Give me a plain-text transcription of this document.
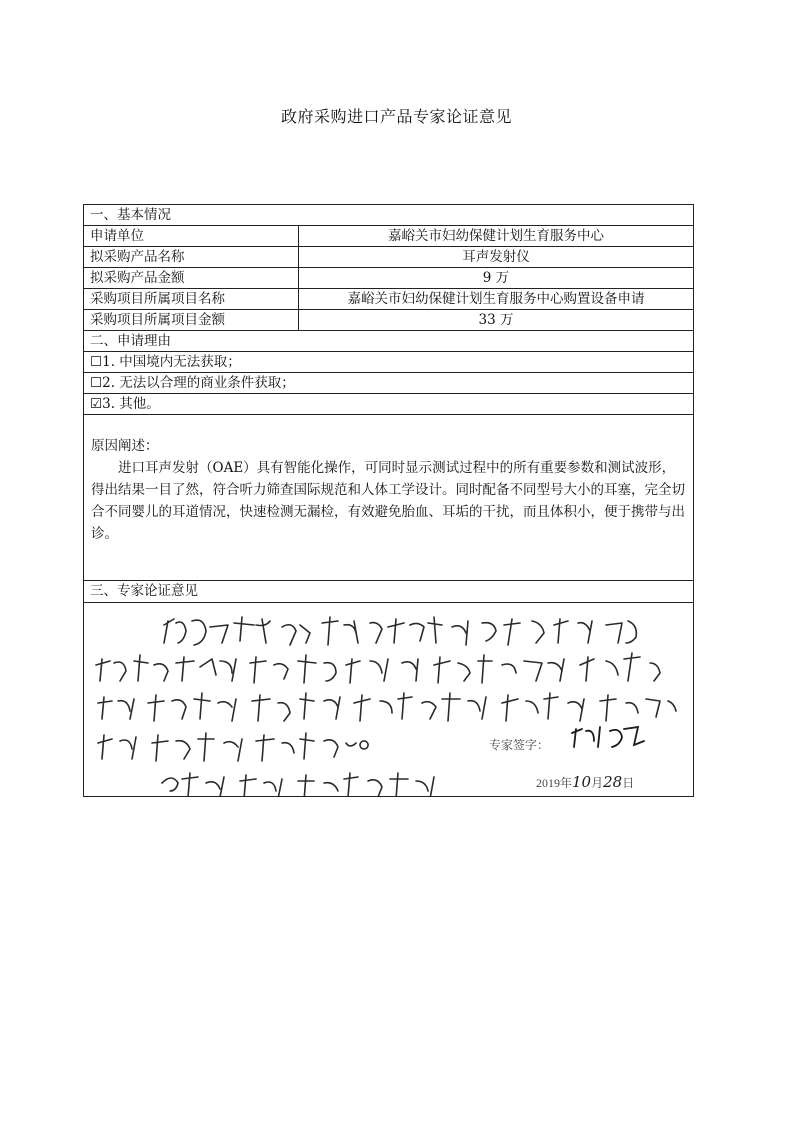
政府采购进口产品专家论证意见
一、基本情况
申请单位	嘉峪关市妇幼保健计划生育服务中心
拟采购产品名称	耳声发射仪
拟采购产品金额	9 万
采购项目所属项目名称	嘉峪关市妇幼保健计划生育服务中心购置设备申请
采购项目所属项目金额	33 万
二、申请理由
☐1. 中国境内无法获取；
☐2. 无法以合理的商业条件获取；
☑3. 其他。
原因阐述：
进口耳声发射（OAE）具有智能化操作，可同时显示测试过程中的所有重要参数和测试波形，得出结果一目了然，符合听力筛查国际规范和人体工学设计。同时配备不同型号大小的耳塞，完全切合不同婴儿的耳道情况，快速检测无漏检，有效避免胎血、耳垢的干扰，而且体积小，便于携带与出诊。
三、专家论证意见
专家签字：
2019年10月28日
